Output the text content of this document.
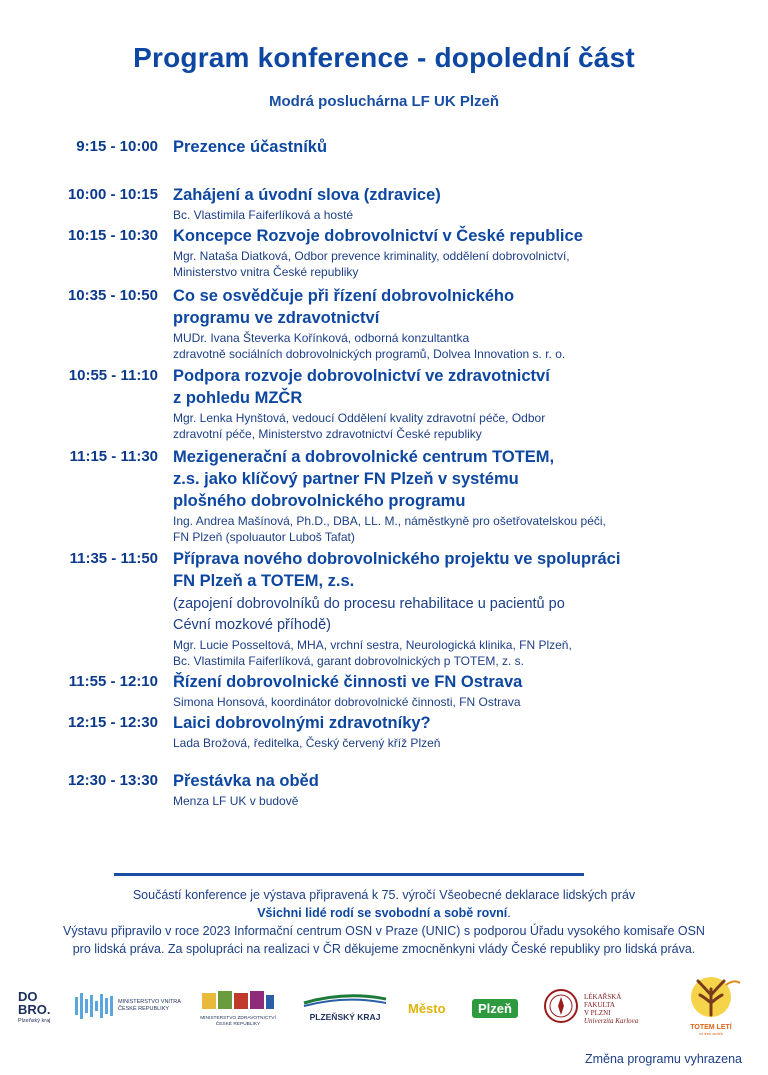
Program konference - dopolední část
Modrá posluchárna LF UK Plzeň
9:15 - 10:00 Prezence účastníků
10:00 - 10:15 Zahájení a úvodní slova (zdravice)
Bc. Vlastimila Faiferlíková a hosté
10:15 - 10:30 Koncepce Rozvoje dobrovolnictví v České republice
Mgr. Nataša Diatková, Odbor prevence kriminality, oddělení dobrovolnictví,
Ministerstvo vnitra České republiky
10:35 - 10:50 Co se osvědčuje při řízení dobrovolnického
programu ve zdravotnictví
MUDr. Ivana Števerka Kořínková, odborná konzultantka
zdravotně sociálních dobrovolnických programů, Dolvea Innovation s. r. o.
10:55 - 11:10 Podpora rozvoje dobrovolnictví ve zdravotnictví
z pohledu MZČR
Mgr. Lenka Hynštová, vedoucí Oddělení kvality zdravotní péče, Odbor
zdravotní péče, Ministerstvo zdravotnictví České republiky
11:15 - 11:30 Mezigenerační a dobrovolnické centrum TOTEM,
z.s. jako klíčový partner FN Plzeň v systému
plošného dobrovolnického programu
Ing. Andrea Mašínová, Ph.D., DBA, LL. M., náměstkyně pro ošetřovatelskou péči,
FN Plzeň (spoluautor Luboš Tafat)
11:35 - 11:50 Příprava nového dobrovolnického projektu ve spolupráci
FN Plzeň a TOTEM, z.s.
(zapojení dobrovolníků do procesu rehabilitace u pacientů po
Cévní mozkové příhodě)
Mgr. Lucie Posseltová, MHA, vrchní sestra, Neurologická klinika, FN Plzeň,
Bc. Vlastimila Faiferlíková, garant dobrovolnických p TOTEM, z. s.
11:55 - 12:10 Řízení dobrovolnické činnosti ve FN Ostrava
Simona Honsová, koordinátor dobrovolnické činnosti, FN Ostrava
12:15 - 12:30 Laici dobrovolnými zdravotníky?
Lada Brožová, ředitelka, Český červený kříž Plzeň
12:30 - 13:30 Přestávka na oběd
Menza LF UK v budově
Součástí konference je výstava připravená k 75. výročí Všeobecné deklarace lidských práv
Všichni lidé rodí se svobodní a sobě rovní.
Výstavu připravilo v roce 2023 Informační centrum OSN v Praze (UNIC) s podporou Úřadu vysokého komisaře OSN
pro lidská práva. Za spolupráci na realizaci v ČR děkujeme zmocněnkyni vlády České republiky pro lidská práva.
DO
BRO.
Plzeňský kraj
MINISTERSTVO VNITRA
ČESKÉ REPUBLIKY
MINISTERSTVO ZDRAVOTNICTVÍ
ČESKÉ REPUBLIKY
PLZEŇSKÝ KRAJ
Město	Plzeň
LÉKAŘSKÁ FAKULTA
V PLZNI
Univerzita Karlova
TOTEM LETÍ
už třetí století
Změna programu vyhrazena
